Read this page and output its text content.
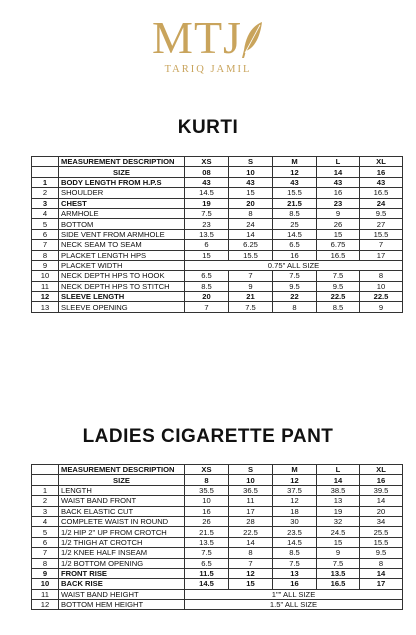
MTJ
TARIQ JAMIL
KURTI
	MEASUREMENT DESCRIPTION	XS	S	M	L	XL
	SIZE	08	10	12	14	16
1	BODY LENGTH FROM H.P.S	43	43	43	43	43
2	SHOULDER	14.5	15	15.5	16	16.5
3	CHEST	19	20	21.5	23	24
4	ARMHOLE	7.5	8	8.5	9	9.5
5	BOTTOM	23	24	25	26	27
6	SIDE VENT FROM ARMHOLE	13.5	14	14.5	15	15.5
7	NECK SEAM TO SEAM	6	6.25	6.5	6.75	7
8	PLACKET LENGTH HPS	15	15.5	16	16.5	17
9	PLACKET WIDTH	0.75" ALL SIZE				
10	NECK DEPTH HPS TO HOOK	6.5	7	7.5	7.5	8
11	NECK DEPTH HPS TO STITCH	8.5	9	9.5	9.5	10
12	SLEEVE LENGTH	20	21	22	22.5	22.5
13	SLEEVE OPENING	7	7.5	8	8.5	9
LADIES CIGARETTE PANT
	MEASUREMENT DESCRIPTION	XS	S	M	L	XL
	SIZE	8	10	12	14	16
1	LENGTH	35.5	36.5	37.5	38.5	39.5
2	WAIST BAND FRONT	10	11	12	13	14
3	BACK ELASTIC CUT	16	17	18	19	20
4	COMPLETE WAIST IN ROUND	26	28	30	32	34
5	1/2 HIP 2" UP FROM CROTCH	21.5	22.5	23.5	24.5	25.5
6	1/2 THIGH AT CROTCH	13.5	14	14.5	15	15.5
7	1/2 KNEE HALF INSEAM	7.5	8	8.5	9	9.5
8	1/2 BOTTOM OPENING	6.5	7	7.5	7.5	8
9	FRONT RISE	11.5	12	13	13.5	14
10	BACK RISE	14.5	15	16	16.5	17
11	WAIST BAND HEIGHT	1"" ALL SIZE				
12	BOTTOM HEM HEIGHT	1.5" ALL SIZE				
